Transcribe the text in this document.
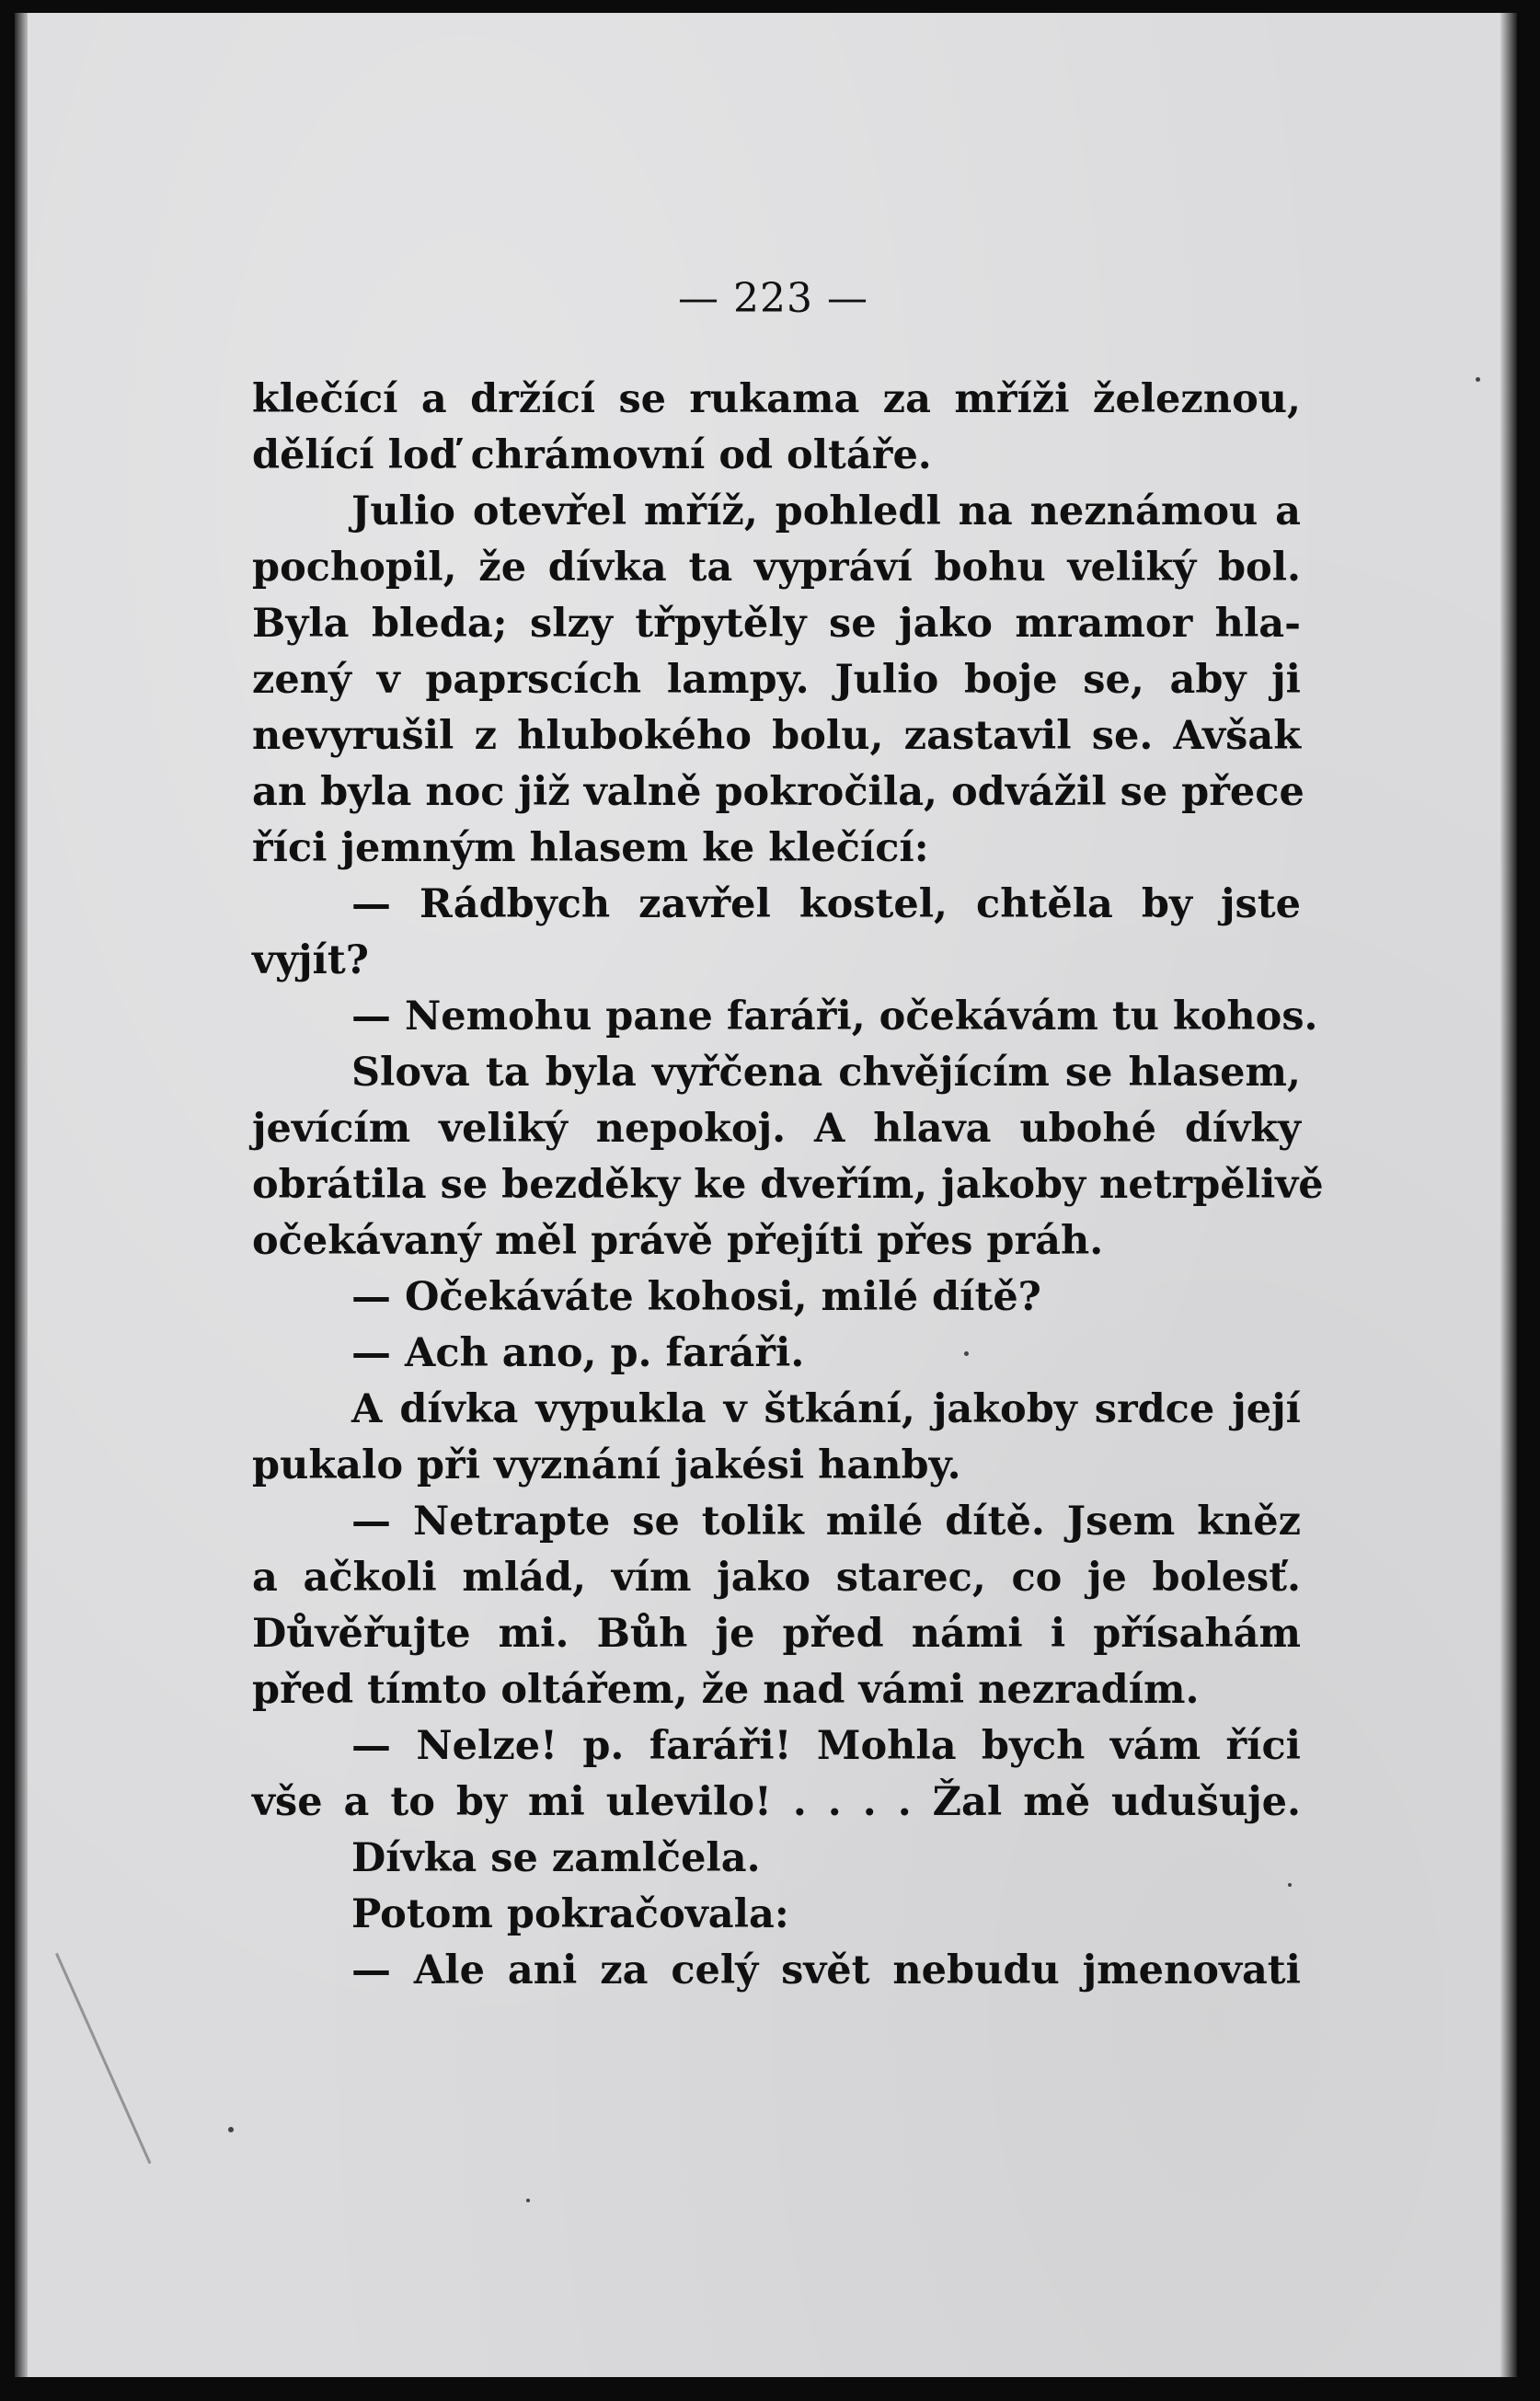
— 223 —
klečící a držící se rukama za mříži železnou,
dělící loď chrámovní od oltáře.
Julio otevřel mříž, pohledl na neznámou a
pochopil, že dívka ta vypráví bohu veliký bol.
Byla bleda; slzy třpytěly se jako mramor hla-
zený v paprscích lampy. Julio boje se, aby ji
nevyrušil z hlubokého bolu, zastavil se. Avšak
an byla noc již valně pokročila, odvážil se přece
říci jemným hlasem ke klečící:
— Rádbych zavřel kostel, chtěla by jste
vyjít?
— Nemohu pane faráři, očekávám tu kohos.
Slova ta byla vyřčena chvějícím se hlasem,
jevícím veliký nepokoj. A hlava ubohé dívky
obrátila se bezděky ke dveřím, jakoby netrpělivě
očekávaný měl právě přejíti přes práh.
— Očekáváte kohosi, milé dítě?
— Ach ano, p. faráři.
A dívka vypukla v štkání, jakoby srdce její
pukalo při vyznání jakési hanby.
— Netrapte se tolik milé dítě. Jsem kněz
a ačkoli mlád, vím jako starec, co je bolesť.
Důvěřujte mi. Bůh je před námi i přísahám
před tímto oltářem, že nad vámi nezradím.
— Nelze! p. faráři! Mohla bych vám říci
vše a to by mi ulevilo! . . . . Žal mě udušuje.
Dívka se zamlčela.
Potom pokračovala:
— Ale ani za celý svět nebudu jmenovati
